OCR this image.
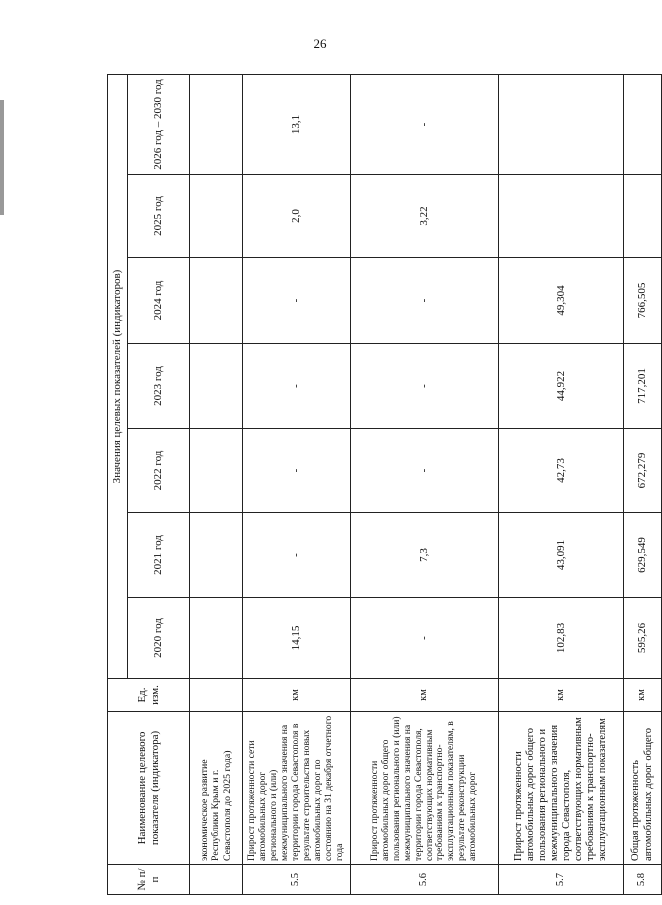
26
№ п/п	Наименование целевого показателя (индикатора)	Ед. изм.	Значения целевых показателей (индикаторов)						
			2020 год	2021 год	2022 год	2023 год	2024 год	2025 год	2026 год – 2030 год
	экономическое развитие Республики Крым и г. Севастополя до 2025 года)								
5.5	Прирост протяженности сети автомобильных дорог регионального и (или) межмуниципального значения на территории города Севастополя в результате строительства новых автомобильных дорог по состоянию на 31 декабря отчетного года	км	14,15	-	-	-	-	2,0	13,1
5.6	Прирост протяженности автомобильных дорог общего пользования регионального и (или) межмуниципального значения на территории города Севастополя, соответствующих нормативным требованиям к транспортно-эксплуатационным показателям, в результате реконструкции автомобильных дорог	км	-	7,3	-	-	-	3,22	-
5.7	Прирост протяженности автомобильных дорог общего пользования регионального и межмуниципального значения города Севастополя, соответствующих нормативным требованиям к транспортно-эксплуатационным показателям	км	102,83	43,091	42,73	44,922	49,304		
5.8	Общая протяженность автомобильных дорог общего	км	595,26	629,549	672,279	717,201	766,505		
